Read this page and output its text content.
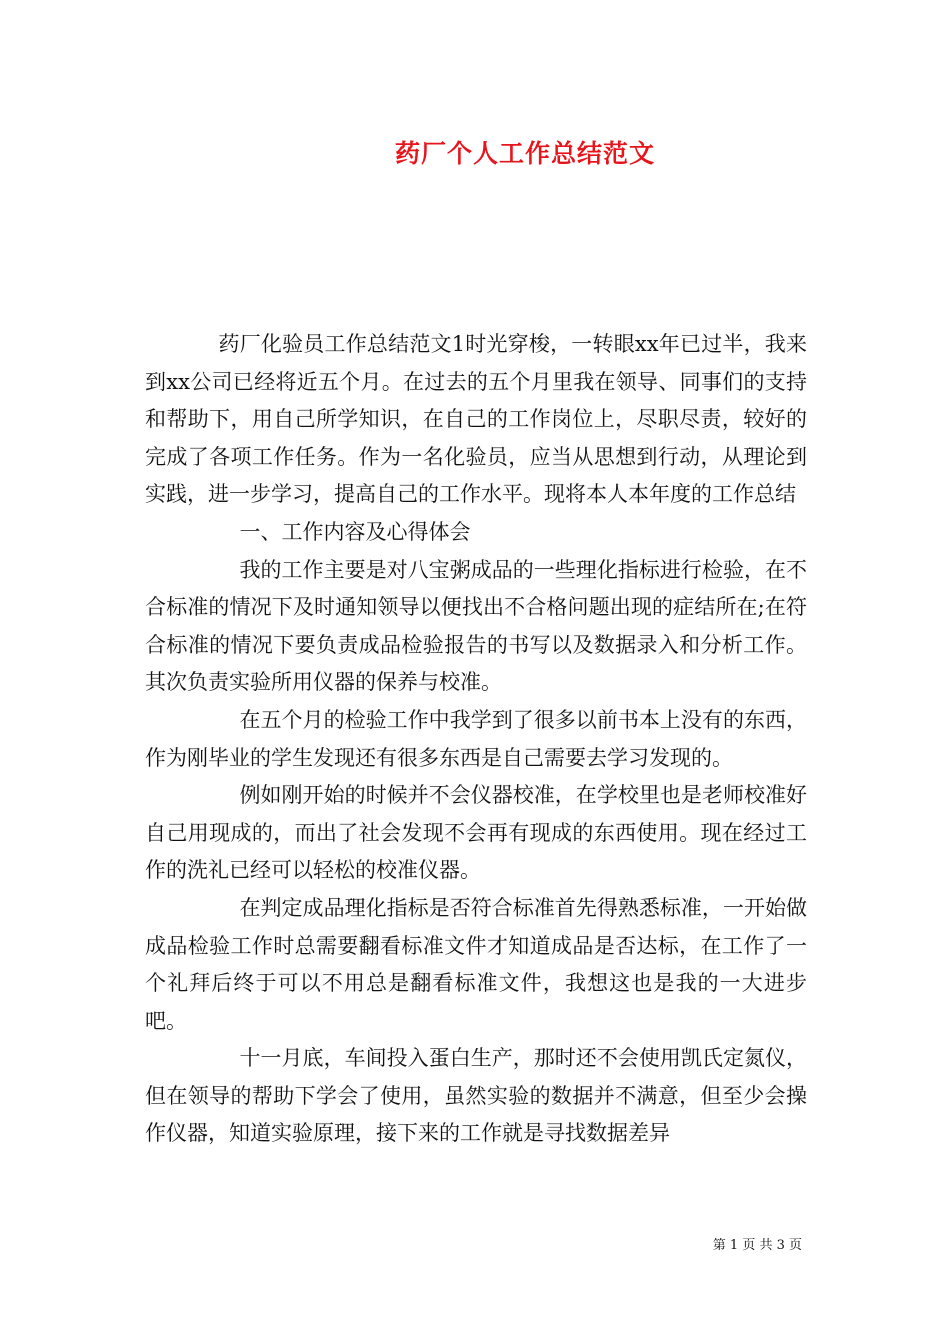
药厂个人工作总结范文

药厂化验员工作总结范文1时光穿梭，一转眼xx年已过半，我来到xx公司已经将近五个月。在过去的五个月里我在领导、同事们的支持和帮助下，用自己所学知识，在自己的工作岗位上，尽职尽责，较好的完成了各项工作任务。作为一名化验员，应当从思想到行动，从理论到实践，进一步学习，提高自己的工作水平。现将本人本年度的工作总结

一、工作内容及心得体会

我的工作主要是对八宝粥成品的一些理化指标进行检验，在不合标准的情况下及时通知领导以便找出不合格问题出现的症结所在;在符合标准的情况下要负责成品检验报告的书写以及数据录入和分析工作。其次负责实验所用仪器的保养与校准。

在五个月的检验工作中我学到了很多以前书本上没有的东西，作为刚毕业的学生发现还有很多东西是自己需要去学习发现的。

例如刚开始的时候并不会仪器校准，在学校里也是老师校准好自己用现成的，而出了社会发现不会再有现成的东西使用。现在经过工作的洗礼已经可以轻松的校准仪器。

在判定成品理化指标是否符合标准首先得熟悉标准，一开始做成品检验工作时总需要翻看标准文件才知道成品是否达标，在工作了一个礼拜后终于可以不用总是翻看标准文件，我想这也是我的一大进步吧。

十一月底，车间投入蛋白生产，那时还不会使用凯氏定氮仪，但在领导的帮助下学会了使用，虽然实验的数据并不满意，但至少会操作仪器，知道实验原理，接下来的工作就是寻找数据差异

第 1 页 共 3 页
